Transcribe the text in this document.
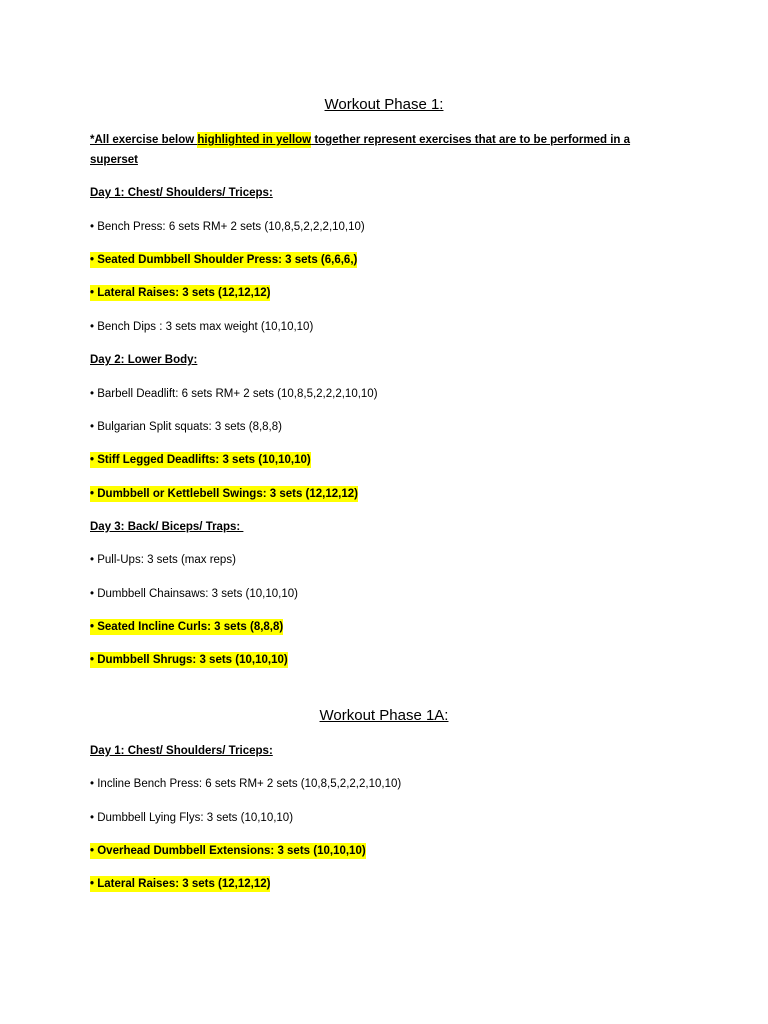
Workout Phase 1:

*All exercise below highlighted in yellow together represent exercises that are to be performed in a
superset

Day 1: Chest/ Shoulders/ Triceps:

• Bench Press: 6 sets RM+ 2 sets (10,8,5,2,2,2,10,10)

• Seated Dumbbell Shoulder Press: 3 sets (6,6,6,)

• Lateral Raises: 3 sets (12,12,12)

• Bench Dips : 3 sets max weight (10,10,10)

Day 2: Lower Body:

• Barbell Deadlift: 6 sets RM+ 2 sets (10,8,5,2,2,2,10,10)

• Bulgarian Split squats: 3 sets (8,8,8)

• Stiff Legged Deadlifts: 3 sets (10,10,10)

• Dumbbell or Kettlebell Swings: 3 sets (12,12,12)

Day 3: Back/ Biceps/ Traps:

• Pull-Ups: 3 sets (max reps)

• Dumbbell Chainsaws: 3 sets (10,10,10)

• Seated Incline Curls: 3 sets (8,8,8)

• Dumbbell Shrugs: 3 sets (10,10,10)

Workout Phase 1A:

Day 1: Chest/ Shoulders/ Triceps:

• Incline Bench Press: 6 sets RM+ 2 sets (10,8,5,2,2,2,10,10)

• Dumbbell Lying Flys: 3 sets (10,10,10)

• Overhead Dumbbell Extensions: 3 sets (10,10,10)

• Lateral Raises: 3 sets (12,12,12)
